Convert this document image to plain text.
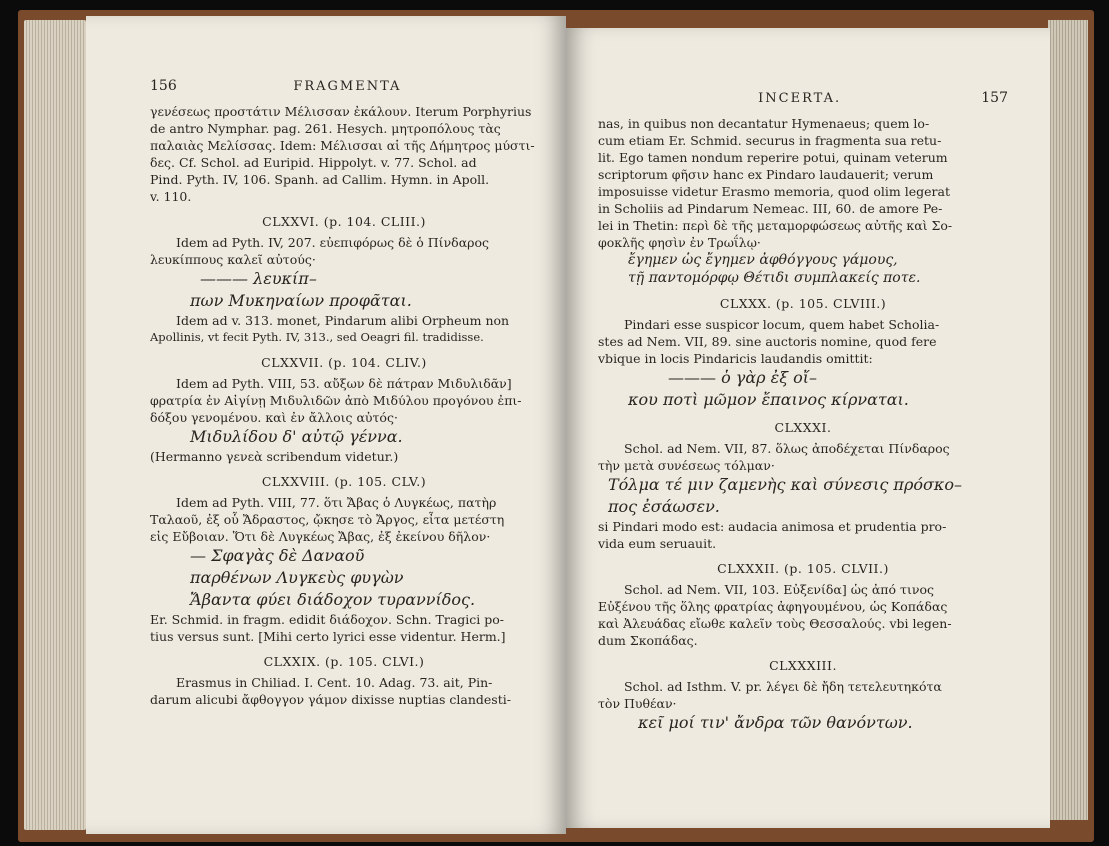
156	FRAGMENTA
γενέσεως προστάτιν Μέλισσαν ἐκάλουν. Iterum Porphyrius
de antro Nymphar. pag. 261. Hesych. μητροπόλους τὰς
παλαιὰς Μελίσσας. Idem: Μέλισσαι αἱ τῆς Δήμητρος μύστι-
δες. Cf. Schol. ad Euripid. Hippolyt. v. 77. Schol. ad
Pind. Pyth. IV, 106. Spanh. ad Callim. Hymn. in Apoll.
v. 110.
CLXXVI. (p. 104. CLIII.)
Idem ad Pyth. IV, 207. εὐεπιφόρως δὲ ὁ Πίνδαρος
λευκίππους καλεῖ αὐτούς·
——— λευκίπ–
πων Μυκηναίων προφᾶται.
Idem ad v. 313. monet, Pindarum alibi Orpheum non
Apollinis, vt fecit Pyth. IV, 313., sed Oeagri fil. tradidisse.
CLXXVII. (p. 104. CLIV.)
Idem ad Pyth. VIII, 53. αὔξων δὲ πάτραν Μιδυλιδᾶν]
φρατρία ἐν Αἰγίνῃ Μιδυλιδῶν ἀπὸ Μιδύλου προγόνου ἐπι-
δόξου γενομένου. καὶ ἐν ἄλλοις αὐτός·
Μιδυλίδου δ' αὐτῷ γέννα.
(Hermanno γενεὰ scribendum videtur.)
CLXXVIII. (p. 105. CLV.)
Idem ad Pyth. VIII, 77. ὅτι Ἄβας ὁ Λυγκέως, πατὴρ
Ταλαοῦ, ἐξ οὗ Ἄδραστος, ᾤκησε τὸ Ἄργος, εἶτα μετέστη
εἰς Εὔβοιαν. Ὅτι δὲ Λυγκέως Ἄβας, ἐξ ἐκείνου δῆλον·
— Σφαγὰς δὲ Δαναοῦ
παρθένων Λυγκεὺς φυγὼν
Ἄβαντα φύει διάδοχον τυραννίδος.
Er. Schmid. in fragm. edidit διάδοχον. Schn. Tragici po-
tius versus sunt. [Mihi certo lyrici esse videntur. Herm.]
CLXXIX. (p. 105. CLVI.)
Erasmus in Chiliad. I. Cent. 10. Adag. 73. ait, Pin-
darum alicubi ἄφθογγον γάμον dixisse nuptias clandesti-
INCERTA.	157
nas, in quibus non decantatur Hymenaeus; quem lo-
cum etiam Er. Schmid. securus in fragmenta sua retu-
lit. Ego tamen nondum reperire potui, quinam veterum
scriptorum φῆσιν hanc ex Pindaro laudauerit; verum
imposuisse videtur Erasmo memoria, quod olim legerat
in Scholiis ad Pindarum Nemeac. III, 60. de amore Pe-
lei in Thetin: περὶ δὲ τῆς μεταμορφώσεως αὐτῆς καὶ Σο-
φοκλῆς φησὶν ἐν Τρωΐλῳ·
ἔγημεν ὡς ἔγημεν ἀφθόγγους γάμους,
τῇ παντομόρφῳ Θέτιδι συμπλακείς ποτε.
CLXXX. (p. 105. CLVIII.)
Pindari esse suspicor locum, quem habet Scholia-
stes ad Nem. VII, 89. sine auctoris nomine, quod fere
vbique in locis Pindaricis laudandis omittit:
——— ὁ γὰρ ἐξ οἴ–
κου ποτὶ μῶμον ἔπαινος κίρναται.
CLXXXI.
Schol. ad Nem. VII, 87. ὅλως ἀποδέχεται Πίνδαρος
τὴν μετὰ συνέσεως τόλμαν·
Τόλμα τέ μιν ζαμενὴς καὶ σύνεσις πρόσκο–
πος ἐσάωσεν.
si Pindari modo est: audacia animosa et prudentia pro-
vida eum seruauit.
CLXXXII. (p. 105. CLVII.)
Schol. ad Nem. VII, 103. Εὐξενίδα] ὡς ἀπό τινος
Εὐξένου τῆς ὅλης φρατρίας ἀφηγουμένου, ὡς Κοπάδας
καὶ Ἀλευάδας εἴωθε καλεῖν τοὺς Θεσσαλούς. vbi legen-
dum Σκοπάδας.
CLXXXIII.
Schol. ad Isthm. V. pr. λέγει δὲ ἤδη τετελευτηκότα
τὸν Πυθέαν·
κεῖ μοί τιν' ἄνδρα τῶν θανόντων.
